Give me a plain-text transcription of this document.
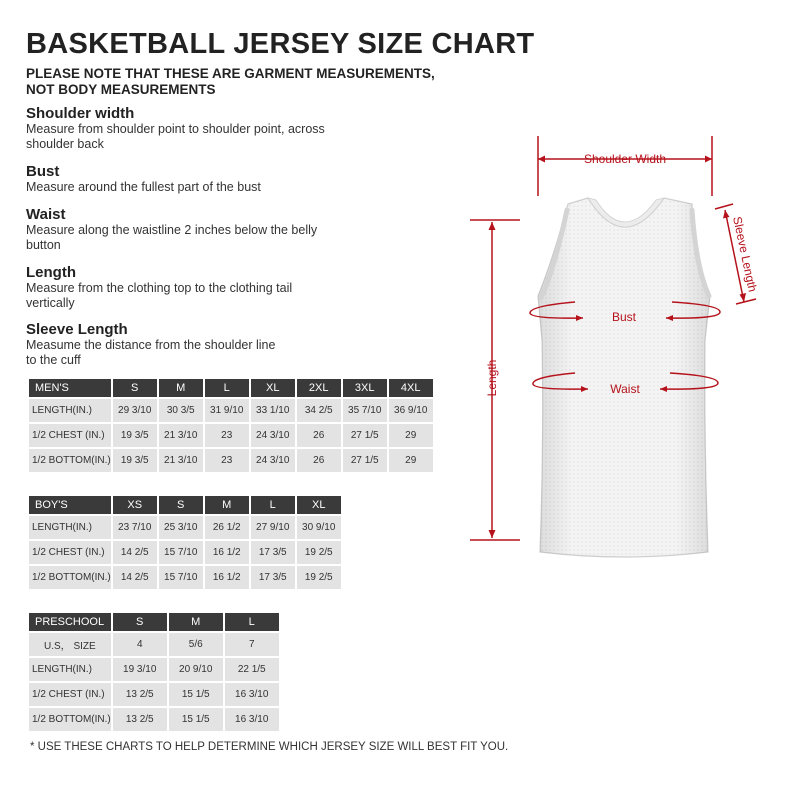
BASKETBALL JERSEY SIZE CHART
PLEASE NOTE THAT THESE ARE GARMENT MEASUREMENTS, NOT BODY MEASUREMENTS
Shoulder width
Measure from shoulder point to shoulder point, across shoulder back
Bust
Measure around the fullest part of the bust
Waist
Measure along the waistline 2 inches below the belly button
Length
Measure from the clothing top to the clothing tail vertically
Sleeve Length
Measume the distance from the shoulder line to the cuff
MEN'S	S	M	L	XL	2XL	3XL	4XL
LENGTH(IN.)	29 3/10	30 3/5	31 9/10	33 1/10	34 2/5	35 7/10	36 9/10
1/2 CHEST (IN.)	19 3/5	21 3/10	23	24 3/10	26	27 1/5	29
1/2 BOTTOM(IN.)	19 3/5	21 3/10	23	24 3/10	26	27 1/5	29
BOY'S	XS	S	M	L	XL
LENGTH(IN.)	23 7/10	25 3/10	26 1/2	27 9/10	30 9/10
1/2 CHEST (IN.)	14 2/5	15 7/10	16 1/2	17 3/5	19 2/5
1/2 BOTTOM(IN.)	14 2/5	15 7/10	16 1/2	17 3/5	19 2/5
PRESCHOOL	S	M	L
U.S， SIZE	4	5/6	7
LENGTH(IN.)	19 3/10	20 9/10	22 1/5
1/2 CHEST (IN.)	13 2/5	15 1/5	16 3/10
1/2 BOTTOM(IN.)	13 2/5	15 1/5	16 3/10
* USE THESE CHARTS TO HELP DETERMINE WHICH JERSEY SIZE WILL BEST FIT YOU.
Shoulder Width
Bust
Waist
Length
Sleeve Length
